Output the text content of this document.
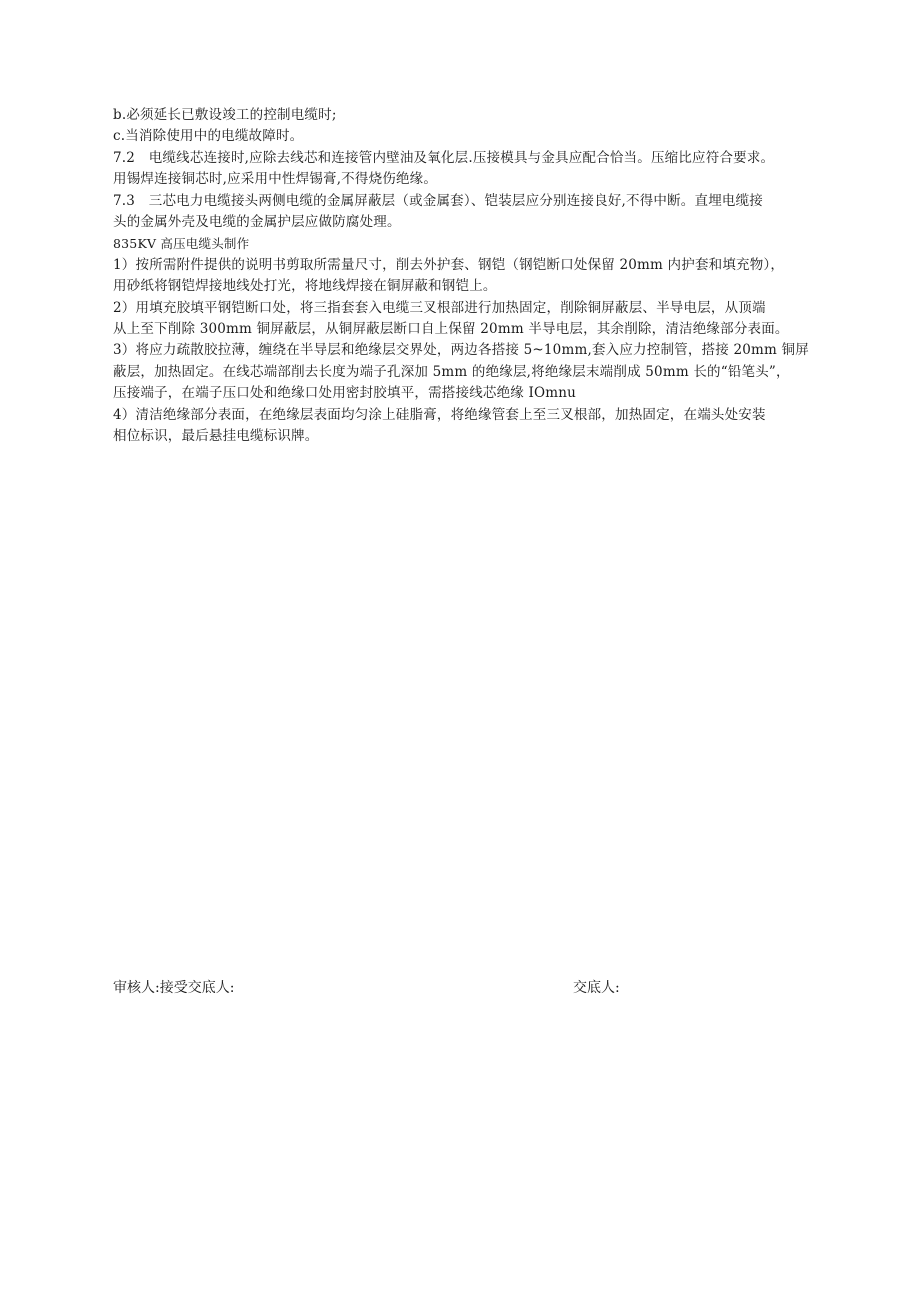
b.必须延长已敷设竣工的控制电缆时;
c.当消除使用中的电缆故障时。
7.2　电缆线芯连接时,应除去线芯和连接管内壁油及氧化层.压接模具与金具应配合恰当。压缩比应符合要求。
用锡焊连接铜芯时,应采用中性焊锡膏,不得烧伤绝缘。
7.3　三芯电力电缆接头两侧电缆的金属屏蔽层（或金属套）、铠装层应分别连接良好,不得中断。直埋电缆接
头的金属外壳及电缆的金属护层应做防腐处理。
835KV 高压电缆头制作
1）按所需附件提供的说明书剪取所需量尺寸，削去外护套、钢铠（钢铠断口处保留 20mm 内护套和填充物），
用砂纸将钢铠焊接地线处打光，将地线焊接在铜屏蔽和钢铠上。
2）用填充胶填平钢铠断口处，将三指套套入电缆三叉根部进行加热固定，削除铜屏蔽层、半导电层，从顶端
从上至下削除 300mm 铜屏蔽层，从铜屏蔽层断口自上保留 20mm 半导电层，其余削除，清洁绝缘部分表面。
3）将应力疏散胶拉薄，缠绕在半导层和绝缘层交界处，两边各搭接 5~10mm,套入应力控制管，搭接 20mm 铜屏
蔽层，加热固定。在线芯端部削去长度为端子孔深加 5mm 的绝缘层,将绝缘层末端削成 50mm 长的“铅笔头”，
压接端子，在端子压口处和绝缘口处用密封胶填平，需搭接线芯绝缘 IOmnu
4）清洁绝缘部分表面，在绝缘层表面均匀涂上硅脂膏，将绝缘管套上至三叉根部，加热固定，在端头处安装
相位标识，最后悬挂电缆标识牌。
审核人:接受交底人:	交底人:
